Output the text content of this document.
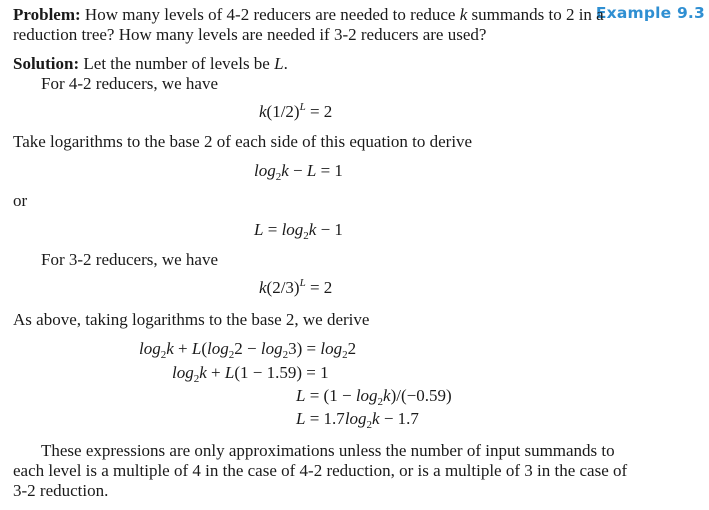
Example 9.3
Problem: How many levels of 4-2 reducers are needed to reduce k summands to 2 in a
reduction tree? How many levels are needed if 3-2 reducers are used?
Solution: Let the number of levels be L.
For 4-2 reducers, we have
$k(1/2)^L = 2$
Take logarithms to the base 2 of each side of this equation to derive
$\log_2k - L = 1$
or
$L = \log_2k - 1$
For 3-2 reducers, we have
$k(2/3)^L = 2$
As above, taking logarithms to the base 2, we derive
$\log_2k + L(\log_22 - \log_23) = \log_22$
$\log_2k + L(1 - 1.59) = 1$
$L = (1 - \log_2k)/(-0.59)$
$L = 1.7\log_2k - 1.7$
These expressions are only approximations unless the number of input summands to
each level is a multiple of 4 in the case of 4-2 reduction, or is a multiple of 3 in the case of
3-2 reduction.
